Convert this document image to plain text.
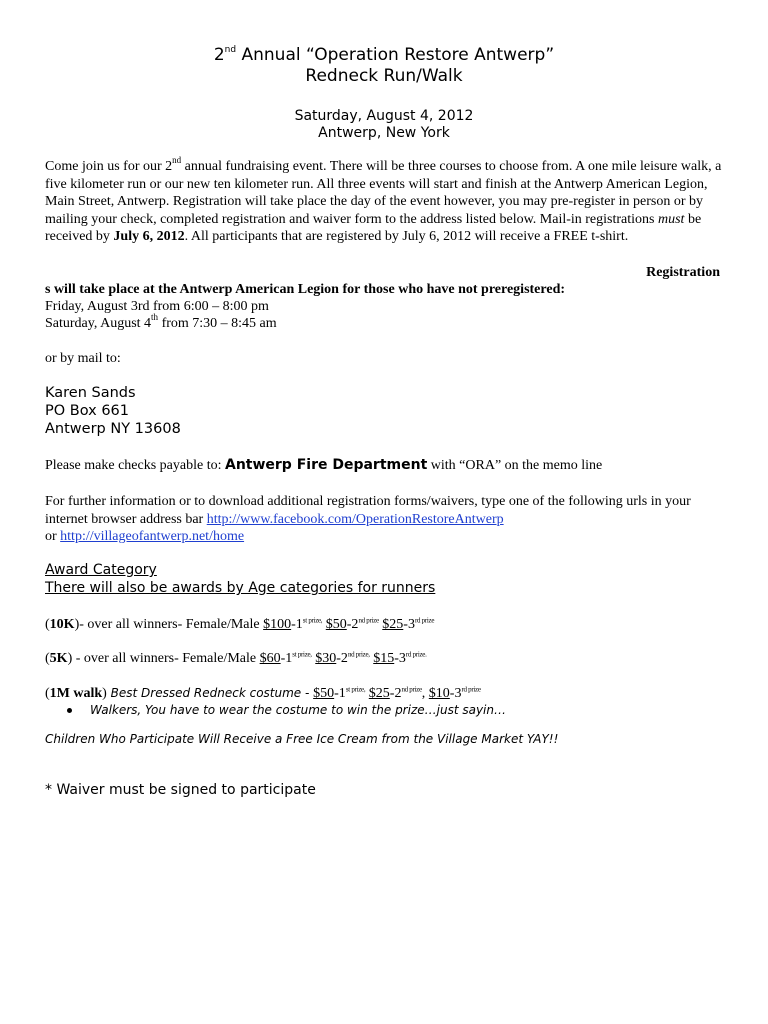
2nd Annual “Operation Restore Antwerp”
Redneck Run/Walk
Saturday, August 4, 2012
Antwerp, New York
Come join us for our 2nd annual fundraising event. There will be three courses to choose from. A one mile leisure walk, a five kilometer run or our new ten kilometer run. All three events will start and finish at the Antwerp American Legion, Main Street, Antwerp. Registration will take place the day of the event however, you may pre-register in person or by mailing your check, completed registration and waiver form to the address listed below. Mail-in registrations must be received by July 6, 2012. All participants that are registered by July 6, 2012 will receive a FREE t-shirt.
Registration
s will take place at the Antwerp American Legion for those who have not preregistered:
Friday, August 3rd from 6:00 – 8:00 pm
Saturday, August 4th from 7:30 – 8:45 am
or by mail to:
Karen Sands
PO Box 661
Antwerp NY 13608
Please make checks payable to: Antwerp Fire Department with “ORA” on the memo line
For further information or to download additional registration forms/waivers, type one of the following urls in your internet browser address bar http://www.facebook.com/OperationRestoreAntwerp
or http://villageofantwerp.net/home
Award Category
There will also be awards by Age categories for runners
(10K)- over all winners- Female/Male $\$100-1^{st prize,}$ $\$50-2^{nd prize}$ $\$25-3^{rd prize}$
(5K) - over all winners- Female/Male $\$60-1^{st prize,}$ $\$30-2^{nd prize,}$ $\$15-3^{rd prize.}$
(1M walk) Best Dressed Redneck costume - $\$50-1^{st prize,}$ $\$25-2^{nd prize}$, $\$10-3^{rd prize}$
Walkers, You have to wear the costume to win the prize…just sayin…
Children Who Participate Will Receive a Free Ice Cream from the Village Market YAY!!
* Waiver must be signed to participate
